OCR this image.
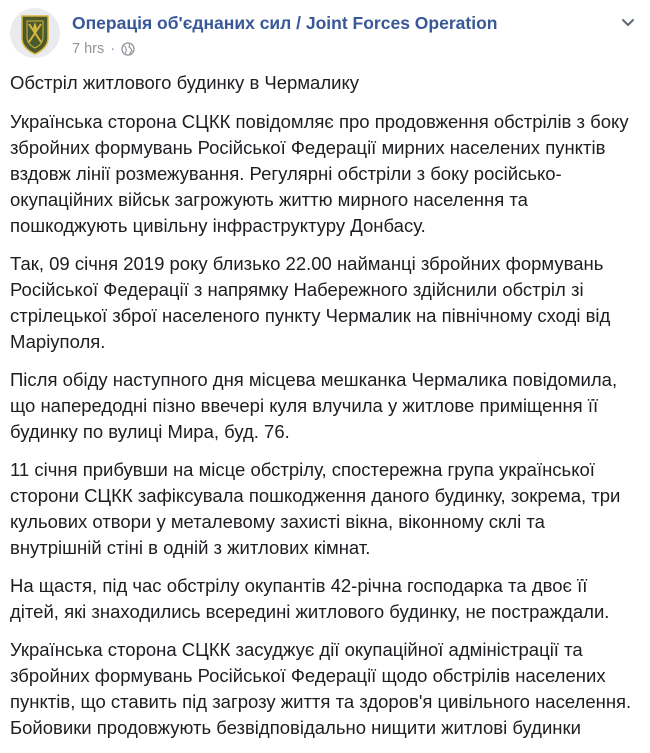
Операція об'єднаних сил / Joint Forces Operation
7 hrs ·

Обстріл житлового будинку в Чермалику

Українська сторона СЦКК повідомляє про продовження обстрілів з боку збройних формувань Російської Федерації мирних населених пунктів вздовж лінії розмежування. Регулярні обстріли з боку російсько-окупаційних військ загрожують життю мирного населення та пошкоджують цивільну інфраструктуру Донбасу.

Так, 09 січня 2019 року близько 22.00 найманці збройних формувань Російської Федерації з напрямку Набережного здійснили обстріл зі стрілецької зброї населеного пункту Чермалик на північному сході від Маріуполя.

Після обіду наступного дня місцева мешканка Чермалика повідомила, що напередодні пізно ввечері куля влучила у житлове приміщення її будинку по вулиці Мира, буд. 76.

11 січня прибувши на місце обстрілу, спостережна група української сторони СЦКК зафіксувала пошкодження даного будинку, зокрема, три кульових отвори у металевому захисті вікна, віконному склі та внутрішній стіні в одній з житлових кімнат.

На щастя, під час обстрілу окупантів 42-річна господарка та двоє її дітей, які знаходились всередині житлового будинку, не постраждали.

Українська сторона СЦКК засуджує дії окупаційної адміністрації та збройних формувань Російської Федерації щодо обстрілів населених пунктів, що ставить під загрозу життя та здоров'я цивільного населення. Бойовики продовжують безвідповідально нищити житлові будинки
